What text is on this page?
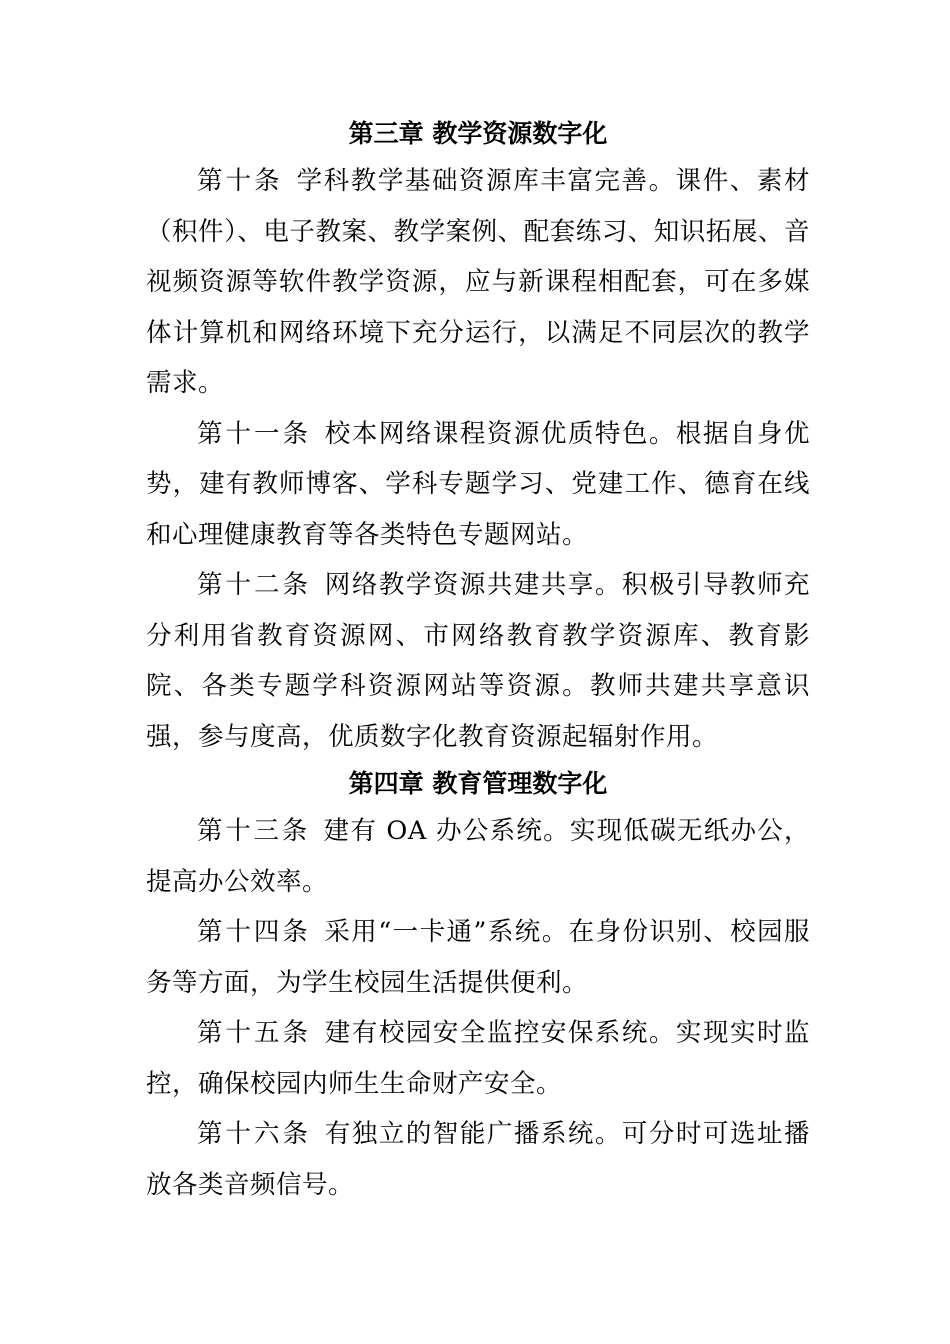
第三章 教学资源数字化

第十条 学科教学基础资源库丰富完善。课件、素材（积件）、电子教案、教学案例、配套练习、知识拓展、音视频资源等软件教学资源，应与新课程相配套，可在多媒体计算机和网络环境下充分运行，以满足不同层次的教学需求。

第十一条 校本网络课程资源优质特色。根据自身优势，建有教师博客、学科专题学习、党建工作、德育在线和心理健康教育等各类特色专题网站。

第十二条 网络教学资源共建共享。积极引导教师充分利用省教育资源网、市网络教育教学资源库、教育影院、各类专题学科资源网站等资源。教师共建共享意识强，参与度高，优质数字化教育资源起辐射作用。

第四章 教育管理数字化

第十三条 建有 OA 办公系统。实现低碳无纸办公，提高办公效率。

第十四条 采用“一卡通”系统。在身份识别、校园服务等方面，为学生校园生活提供便利。

第十五条 建有校园安全监控安保系统。实现实时监控，确保校园内师生生命财产安全。

第十六条 有独立的智能广播系统。可分时可选址播放各类音频信号。
